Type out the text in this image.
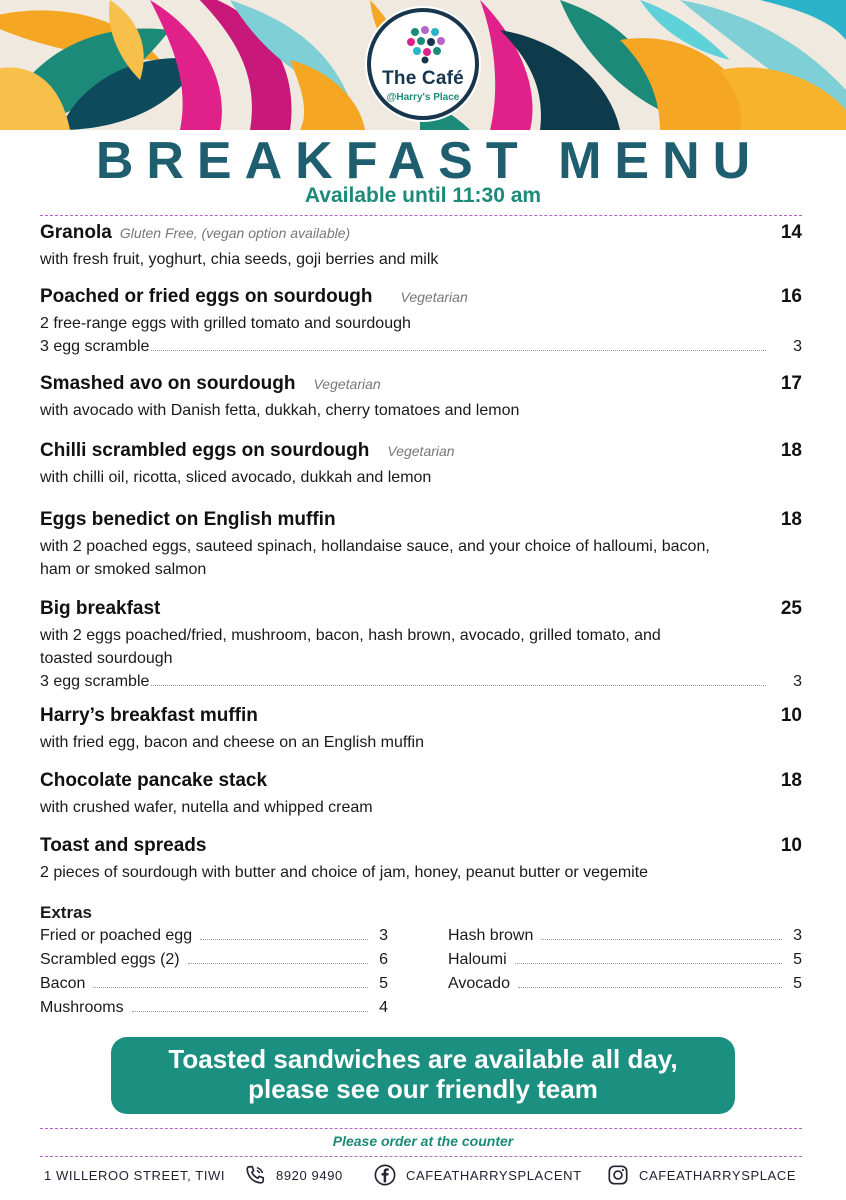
The Café
@Harry's Place
BREAKFAST MENU
Available until 11:30 am
Granola Gluten Free, (vegan option available)	14
with fresh fruit, yoghurt, chia seeds, goji berries and milk
Poached or fried eggs on sourdough Vegetarian	16
2 free-range eggs with grilled tomato and sourdough
3 egg scramble	3
Smashed avo on sourdough Vegetarian	17
with avocado with Danish fetta, dukkah, cherry tomatoes and lemon
Chilli scrambled eggs on sourdough Vegetarian	18
with chilli oil, ricotta, sliced avocado, dukkah and lemon
Eggs benedict on English muffin	18
with 2 poached eggs, sauteed spinach, hollandaise sauce, and your choice of halloumi, bacon, ham or smoked salmon
Big breakfast	25
with 2 eggs poached/fried, mushroom, bacon, hash brown, avocado, grilled tomato, and toasted sourdough
3 egg scramble	3
Harry’s breakfast muffin	10
with fried egg, bacon and cheese on an English muffin
Chocolate pancake stack	18
with crushed wafer, nutella and whipped cream
Toast and spreads	10
2 pieces of sourdough with butter and choice of jam, honey, peanut butter or vegemite
Extras
Fried or poached egg	3
Scrambled eggs (2)	6
Bacon	5
Mushrooms	4
Hash brown	3
Haloumi	5
Avocado	5
Toasted sandwiches are available all day,
please see our friendly team
Please order at the counter
1 WILLEROO STREET, TIWI	8920 9490	CAFEATHARRYSPLACENT	CAFEATHARRYSPLACE
